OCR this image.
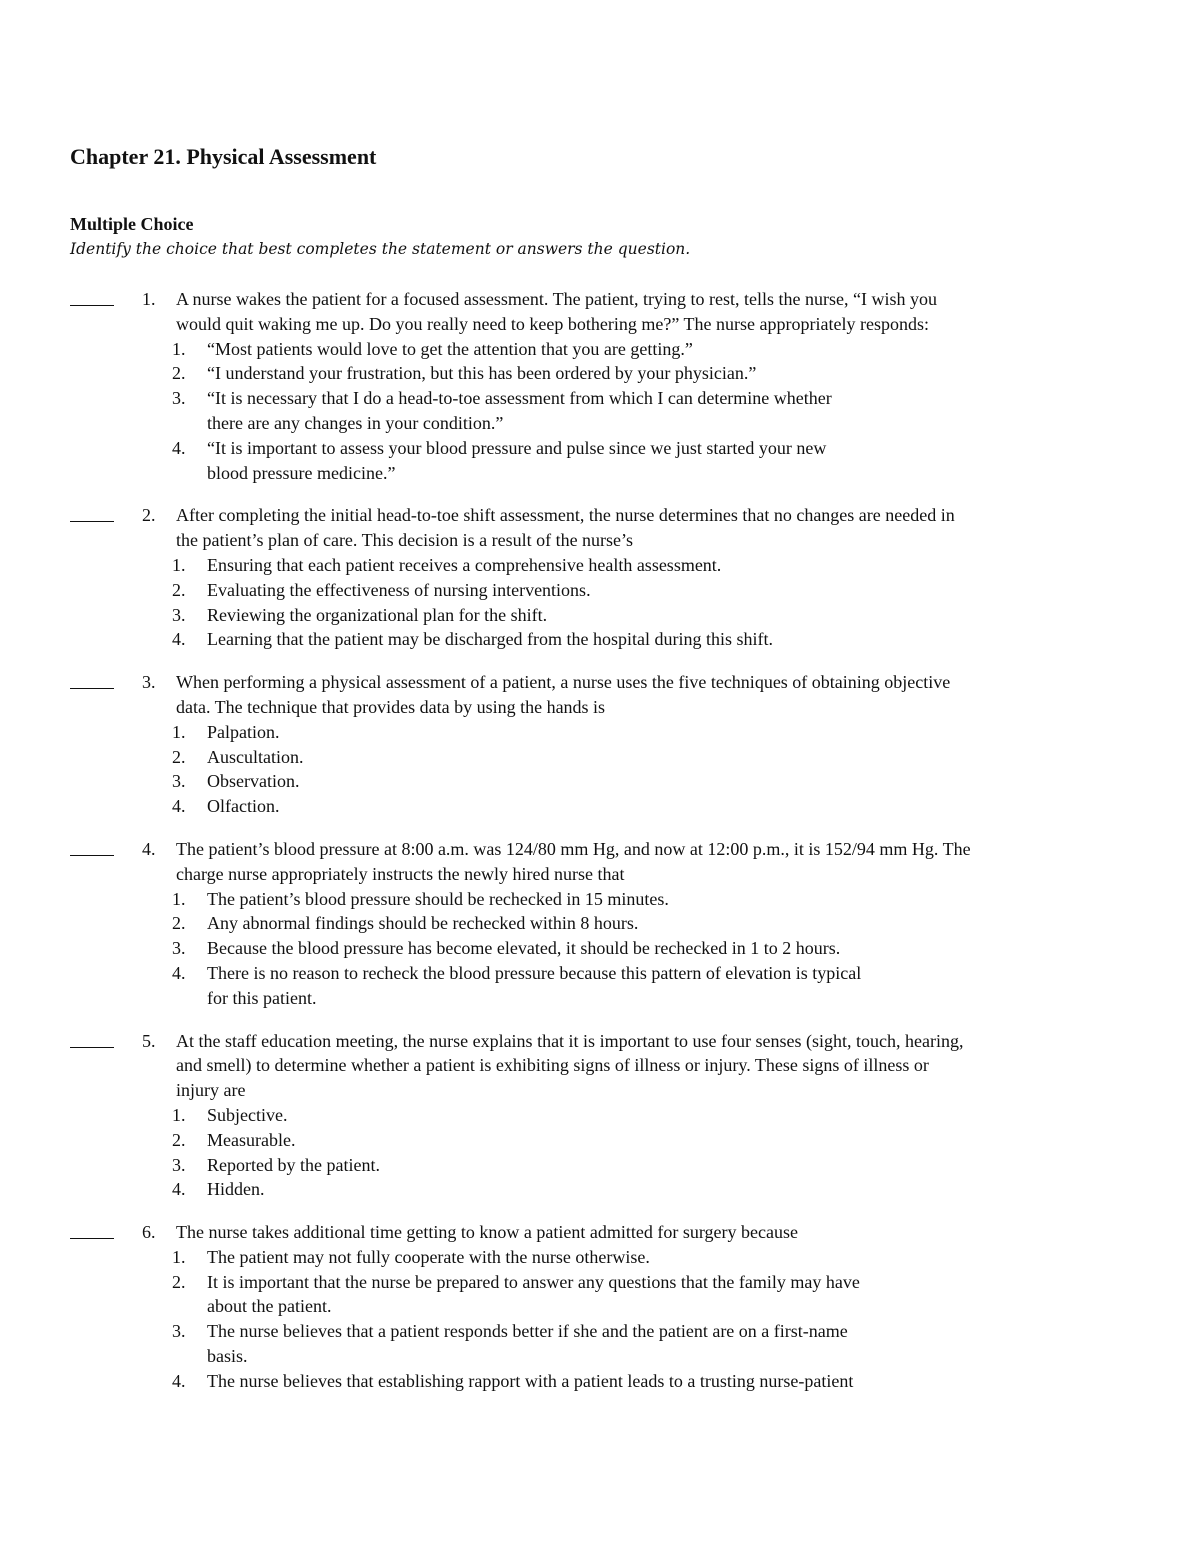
Chapter 21. Physical Assessment
Multiple Choice
Identify the choice that best completes the statement or answers the question.
1. A nurse wakes the patient for a focused assessment. The patient, trying to rest, tells the nurse, “I wish you
would quit waking me up. Do you really need to keep bothering me?” The nurse appropriately responds:
1. “Most patients would love to get the attention that you are getting.”
2. “I understand your frustration, but this has been ordered by your physician.”
3. “It is necessary that I do a head-to-toe assessment from which I can determine whether
there are any changes in your condition.”
4. “It is important to assess your blood pressure and pulse since we just started your new
blood pressure medicine.”
2. After completing the initial head-to-toe shift assessment, the nurse determines that no changes are needed in
the patient’s plan of care. This decision is a result of the nurse’s
1. Ensuring that each patient receives a comprehensive health assessment.
2. Evaluating the effectiveness of nursing interventions.
3. Reviewing the organizational plan for the shift.
4. Learning that the patient may be discharged from the hospital during this shift.
3. When performing a physical assessment of a patient, a nurse uses the five techniques of obtaining objective
data. The technique that provides data by using the hands is
1. Palpation.
2. Auscultation.
3. Observation.
4. Olfaction.
4. The patient’s blood pressure at 8:00 a.m. was 124/80 mm Hg, and now at 12:00 p.m., it is 152/94 mm Hg. The
charge nurse appropriately instructs the newly hired nurse that
1. The patient’s blood pressure should be rechecked in 15 minutes.
2. Any abnormal findings should be rechecked within 8 hours.
3. Because the blood pressure has become elevated, it should be rechecked in 1 to 2 hours.
4. There is no reason to recheck the blood pressure because this pattern of elevation is typical
for this patient.
5. At the staff education meeting, the nurse explains that it is important to use four senses (sight, touch, hearing,
and smell) to determine whether a patient is exhibiting signs of illness or injury. These signs of illness or
injury are
1. Subjective.
2. Measurable.
3. Reported by the patient.
4. Hidden.
6. The nurse takes additional time getting to know a patient admitted for surgery because
1. The patient may not fully cooperate with the nurse otherwise.
2. It is important that the nurse be prepared to answer any questions that the family may have
about the patient.
3. The nurse believes that a patient responds better if she and the patient are on a first-name
basis.
4. The nurse believes that establishing rapport with a patient leads to a trusting nurse-patient
